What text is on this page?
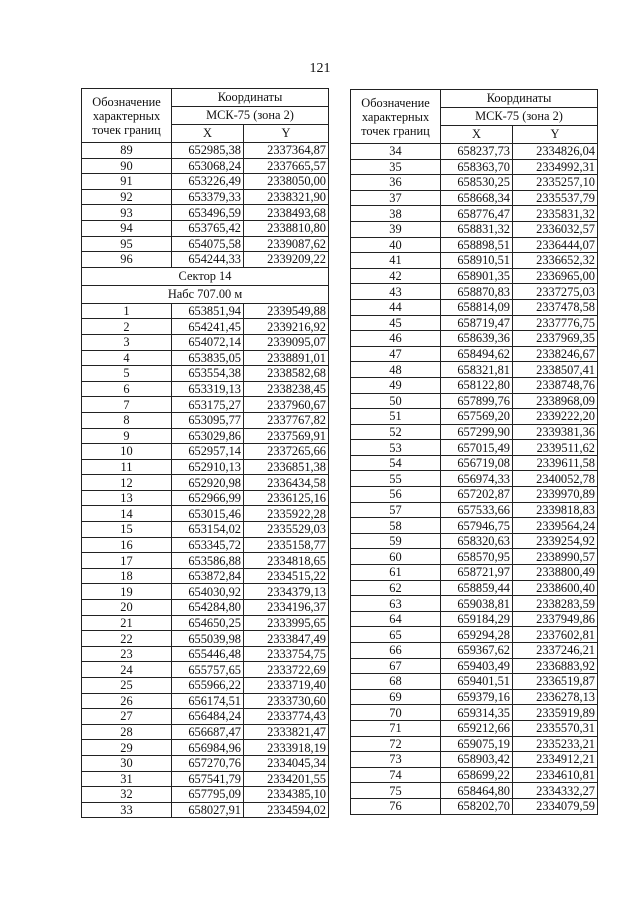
121
Обозначение
характерных
точек границ	Координаты	
	МСК-75 (зона 2)	
	X	Y
89	652985,38	2337364,87
90	653068,24	2337665,57
91	653226,49	2338050,00
92	653379,33	2338321,90
93	653496,59	2338493,68
94	653765,42	2338810,80
95	654075,58	2339087,62
96	654244,33	2339209,22
Сектор 14		
Набс 707.00 м		
1	653851,94	2339549,88
2	654241,45	2339216,92
3	654072,14	2339095,07
4	653835,05	2338891,01
5	653554,38	2338582,68
6	653319,13	2338238,45
7	653175,27	2337960,67
8	653095,77	2337767,82
9	653029,86	2337569,91
10	652957,14	2337265,66
11	652910,13	2336851,38
12	652920,98	2336434,58
13	652966,99	2336125,16
14	653015,46	2335922,28
15	653154,02	2335529,03
16	653345,72	2335158,77
17	653586,88	2334818,65
18	653872,84	2334515,22
19	654030,92	2334379,13
20	654284,80	2334196,37
21	654650,25	2333995,65
22	655039,98	2333847,49
23	655446,48	2333754,75
24	655757,65	2333722,69
25	655966,22	2333719,40
26	656174,51	2333730,60
27	656484,24	2333774,43
28	656687,47	2333821,47
29	656984,96	2333918,19
30	657270,76	2334045,34
31	657541,79	2334201,55
32	657795,09	2334385,10
33	658027,91	2334594,02
Обозначение
характерных
точек границ	Координаты	
	МСК-75 (зона 2)	
	X	Y
34	658237,73	2334826,04
35	658363,70	2334992,31
36	658530,25	2335257,10
37	658668,34	2335537,79
38	658776,47	2335831,32
39	658831,32	2336032,57
40	658898,51	2336444,07
41	658910,51	2336652,32
42	658901,35	2336965,00
43	658870,83	2337275,03
44	658814,09	2337478,58
45	658719,47	2337776,75
46	658639,36	2337969,35
47	658494,62	2338246,67
48	658321,81	2338507,41
49	658122,80	2338748,76
50	657899,76	2338968,09
51	657569,20	2339222,20
52	657299,90	2339381,36
53	657015,49	2339511,62
54	656719,08	2339611,58
55	656974,33	2340052,78
56	657202,87	2339970,89
57	657533,66	2339818,83
58	657946,75	2339564,24
59	658320,63	2339254,92
60	658570,95	2338990,57
61	658721,97	2338800,49
62	658859,44	2338600,40
63	659038,81	2338283,59
64	659184,29	2337949,86
65	659294,28	2337602,81
66	659367,62	2337246,21
67	659403,49	2336883,92
68	659401,51	2336519,87
69	659379,16	2336278,13
70	659314,35	2335919,89
71	659212,66	2335570,31
72	659075,19	2335233,21
73	658903,42	2334912,21
74	658699,22	2334610,81
75	658464,80	2334332,27
76	658202,70	2334079,59
